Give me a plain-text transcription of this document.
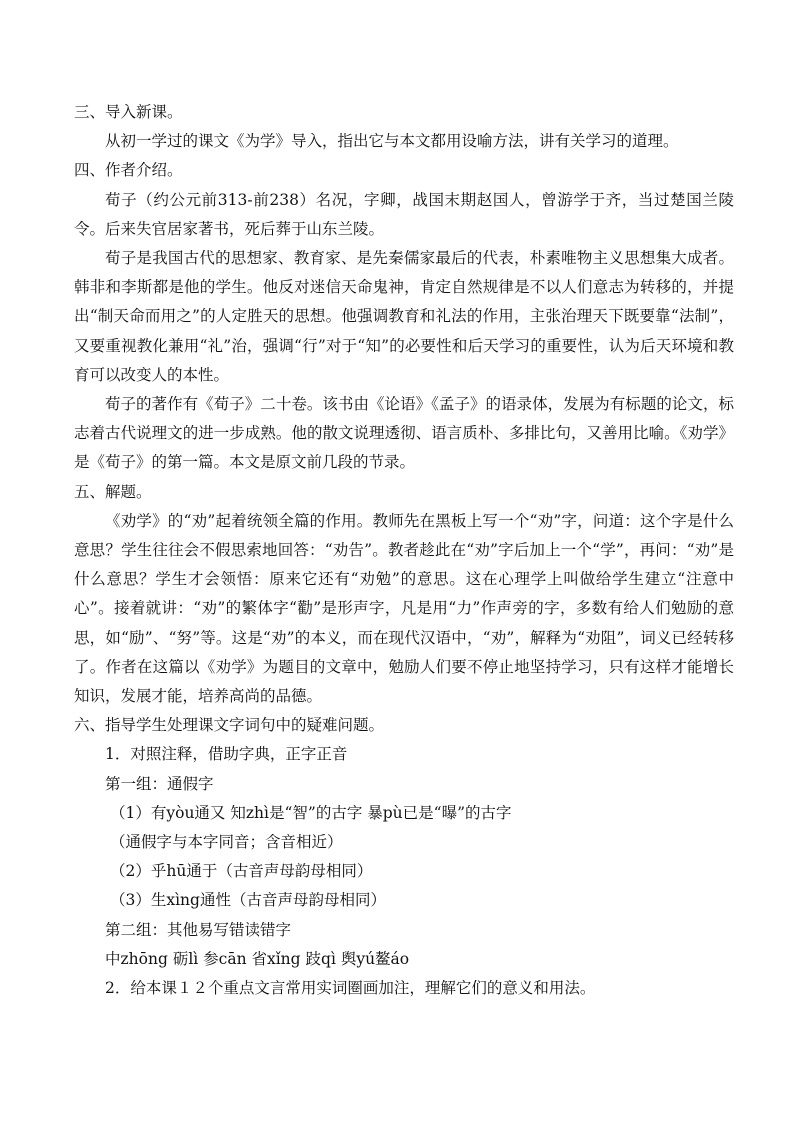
三、导入新课。

从初一学过的课文《为学》导入，指出它与本文都用设喻方法，讲有关学习的道理。

四、作者介绍。

荀子（约公元前313-前238）名况，字卿，战国末期赵国人，曾游学于齐，当过楚国兰陵令。后来失官居家著书，死后葬于山东兰陵。

荀子是我国古代的思想家、教育家、是先秦儒家最后的代表，朴素唯物主义思想集大成者。韩非和李斯都是他的学生。他反对迷信天命鬼神，肯定自然规律是不以人们意志为转移的，并提出“制天命而用之”的人定胜天的思想。他强调教育和礼法的作用，主张治理天下既要靠“法制”，又要重视教化兼用“礼”治，强调“行”对于“知”的必要性和后天学习的重要性，认为后天环境和教育可以改变人的本性。

荀子的著作有《荀子》二十卷。该书由《论语》《孟子》的语录体，发展为有标题的论文，标志着古代说理文的进一步成熟。他的散文说理透彻、语言质朴、多排比句，又善用比喻。《劝学》是《荀子》的第一篇。本文是原文前几段的节录。

五、解题。

《劝学》的“劝”起着统领全篇的作用。教师先在黑板上写一个“劝”字，问道：这个字是什么意思？学生往往会不假思索地回答：“劝告”。教者趁此在“劝”字后加上一个“学”，再问：“劝”是什么意思？学生才会领悟：原来它还有“劝勉”的意思。这在心理学上叫做给学生建立“注意中心”。接着就讲：“劝”的繁体字“勸”是形声字，凡是用“力”作声旁的字，多数有给人们勉励的意思，如“励”、“努”等。这是“劝”的本义，而在现代汉语中，“劝”，解释为“劝阻”，词义已经转移了。作者在这篇以《劝学》为题目的文章中，勉励人们要不停止地坚持学习，只有这样才能增长知识，发展才能，培养高尚的品德。

六、指导学生处理课文字词句中的疑难问题。

1．对照注释，借助字典，正字正音

第一组：通假字

（1）有yòu通又 知zhì是“智”的古字 暴pù已是“曝”的古字

（通假字与本字同音；含音相近）

（2）乎hū通于（古音声母韵母相同）

（3）生xìng通性（古音声母韵母相同）

第二组：其他易写错读错字

中zhōng 砺lì 参cān 省xǐng 跂qì 舆yú鳌áo

2．给本课１２个重点文言常用实词圈画加注，理解它们的意义和用法。
